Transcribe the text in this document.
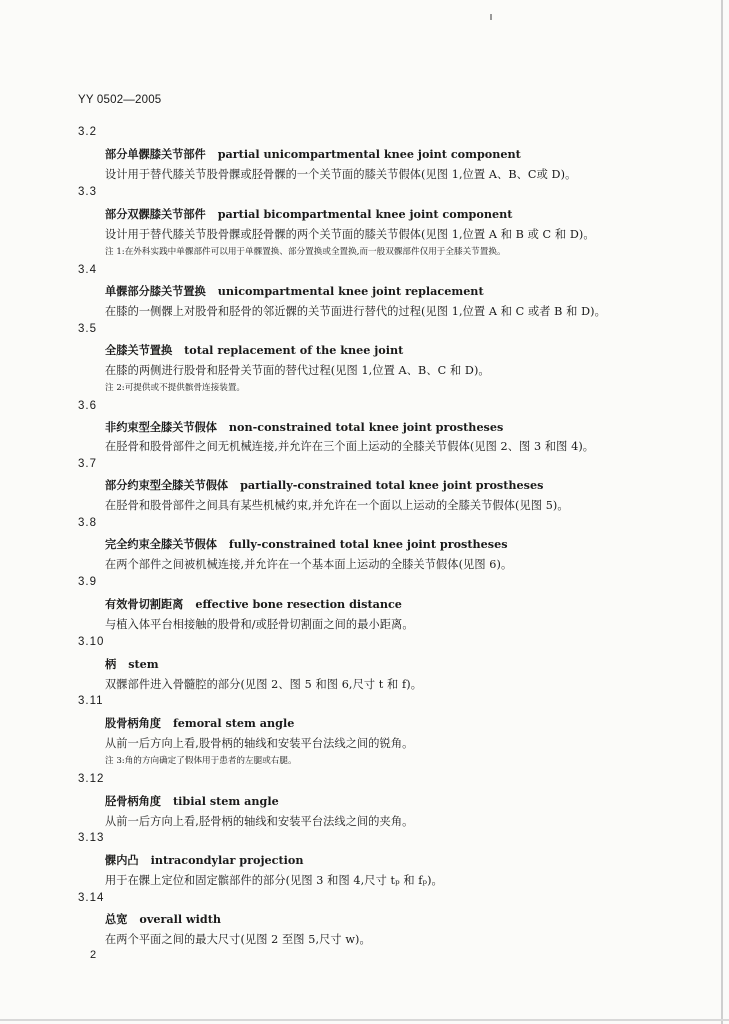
YY 0502—2005
3.2
部分单髁膝关节部件 partial unicompartmental knee joint component
设计用于替代膝关节股骨髁或胫骨髁的一个关节面的膝关节假体(见图 1,位置 A、B、C或 D)。
3.3
部分双髁膝关节部件 partial bicompartmental knee joint component
设计用于替代膝关节股骨髁或胫骨髁的两个关节面的膝关节假体(见图 1,位置 A 和 B 或 C 和 D)。
注 1:在外科实践中单髁部件可以用于单髁置换、部分置换或全置换,而一般双髁部件仅用于全膝关节置换。
3.4
单髁部分膝关节置换 unicompartmental knee joint replacement
在膝的一侧髁上对股骨和胫骨的邻近髁的关节面进行替代的过程(见图 1,位置 A 和 C 或者 B 和 D)。
3.5
全膝关节置换 total replacement of the knee joint
在膝的两侧进行股骨和胫骨关节面的替代过程(见图 1,位置 A、B、C 和 D)。
注 2:可提供或不提供髌骨连接装置。
3.6
非约束型全膝关节假体 non-constrained total knee joint prostheses
在胫骨和股骨部件之间无机械连接,并允许在三个面上运动的全膝关节假体(见图 2、图 3 和图 4)。
3.7
部分约束型全膝关节假体 partially-constrained total knee joint prostheses
在胫骨和股骨部件之间具有某些机械约束,并允许在一个面以上运动的全膝关节假体(见图 5)。
3.8
完全约束全膝关节假体 fully-constrained total knee joint prostheses
在两个部件之间被机械连接,并允许在一个基本面上运动的全膝关节假体(见图 6)。
3.9
有效骨切割距离 effective bone resection distance
与植入体平台相接触的股骨和/或胫骨切割面之间的最小距离。
3.10
柄 stem
双髁部件进入骨髓腔的部分(见图 2、图 5 和图 6,尺寸 t 和 f)。
3.11
股骨柄角度 femoral stem angle
从前一后方向上看,股骨柄的轴线和安装平台法线之间的锐角。
注 3:角的方向确定了假体用于患者的左腿或右腿。
3.12
胫骨柄角度 tibial stem angle
从前一后方向上看,胫骨柄的轴线和安装平台法线之间的夹角。
3.13
髁内凸 intracondylar projection
用于在髁上定位和固定髌部件的部分(见图 3 和图 4,尺寸 tₚ 和 fₚ)。
3.14
总宽 overall width
在两个平面之间的最大尺寸(见图 2 至图 5,尺寸 w)。
2
